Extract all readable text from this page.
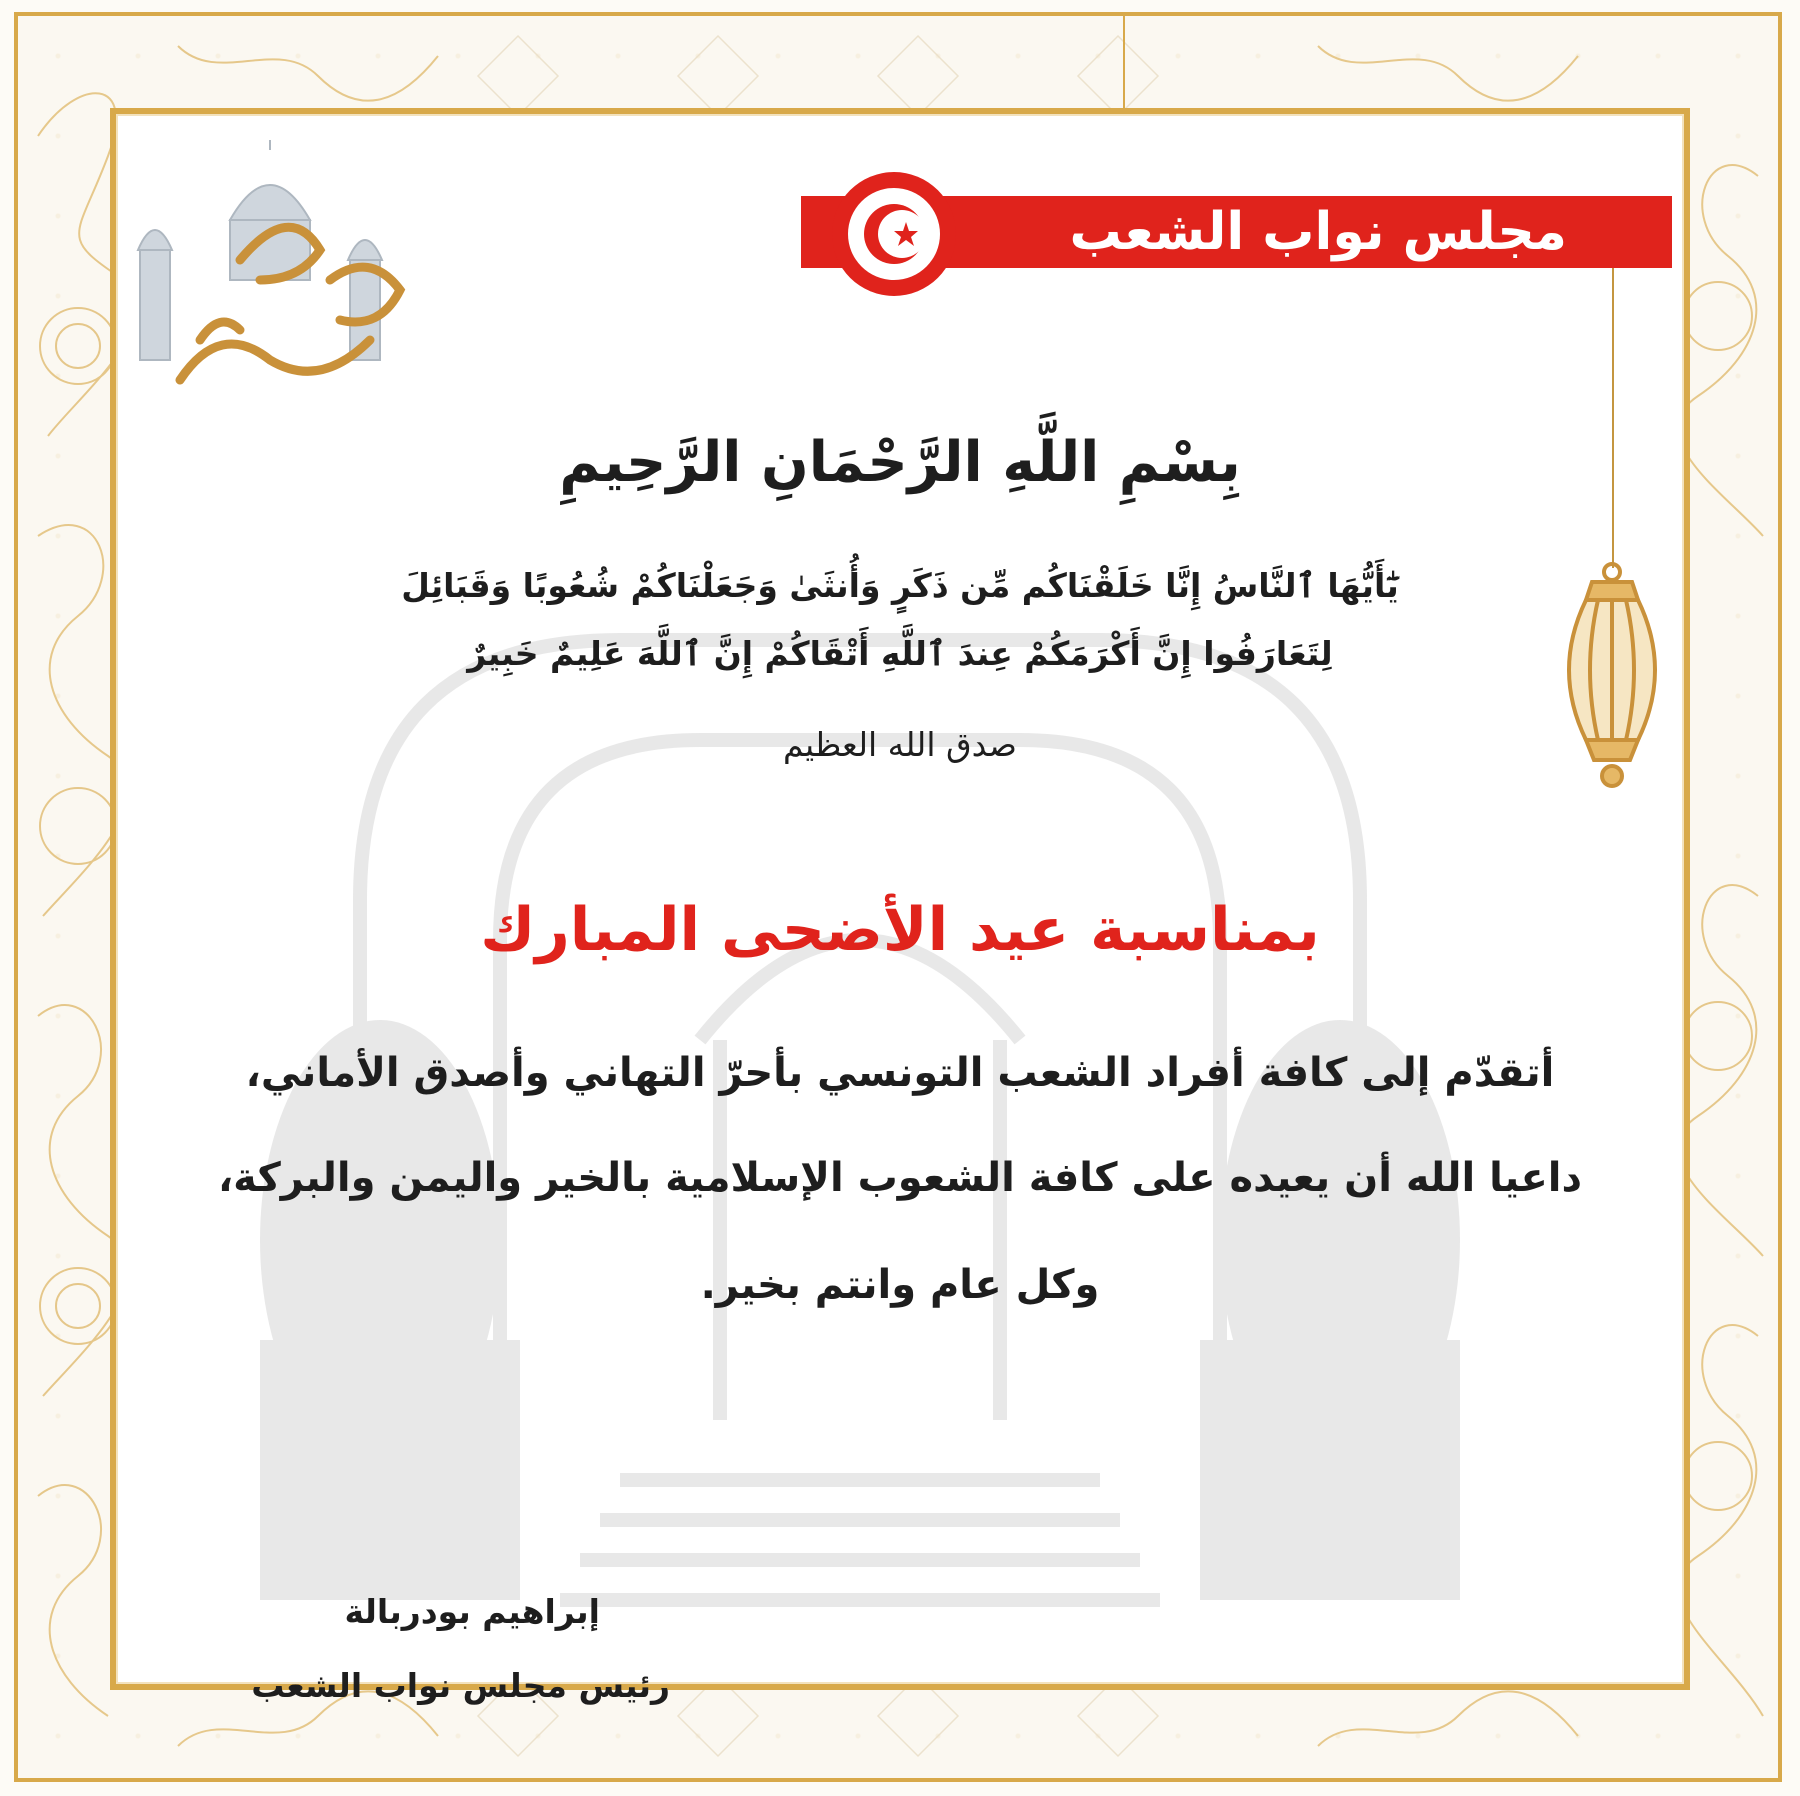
مجلس نواب الشعب
بِسْمِ اللَّهِ الرَّحْمَانِ الرَّحِيمِ
يَٰٓأَيُّهَا ٱلنَّاسُ إِنَّا خَلَقْنَاكُم مِّن ذَكَرٍ وَأُنثَىٰ وَجَعَلْنَاكُمْ شُعُوبًا وَقَبَائِلَ
لِتَعَارَفُوا إِنَّ أَكْرَمَكُمْ عِندَ ٱللَّهِ أَتْقَاكُمْ إِنَّ ٱللَّهَ عَلِيمٌ خَبِيرٌ
صدق الله العظيم
بمناسبة عيد الأضحى المبارك
أتقدّم إلى كافة أفراد الشعب التونسي بأحرّ التهاني وأصدق الأماني،
داعيا الله أن يعيده على كافة الشعوب الإسلامية بالخير واليمن والبركة،
وكل عام وانتم بخير.
إبراهيم بودربالة
رئيس مجلس نواب الشعب
